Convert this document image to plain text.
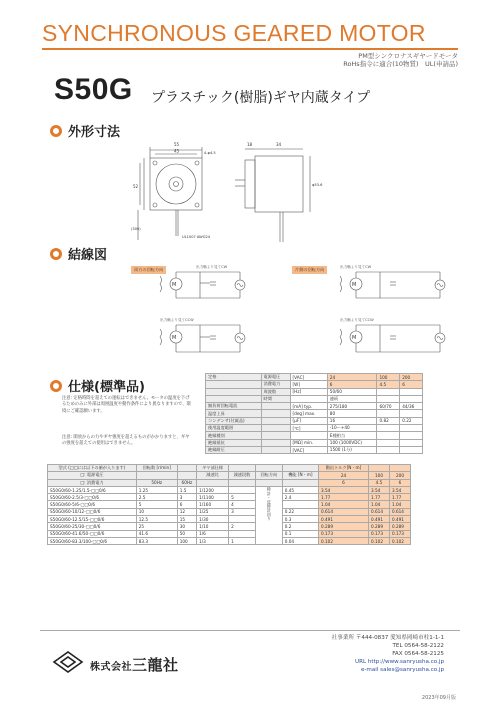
SYNCHRONOUS GEARED MOTOR
PM型シンクロナスギヤードモータ
RoHs指令に適合(10物質)　UL(申請品)
S50G プラスチック(樹脂)ギヤ内蔵タイプ
外形寸法
55
45	4-φ4.5
18	34
φ53.6
52
(300)
UL1007 AWG24
結線図
両方の回転方向	片側の回転方向
M
M
M
M
出力軸より見てCW
出力軸より見てCCW
出力軸より見てCW
出力軸より見てCCW
仕様(標準品)
注意: 定格時間を超えての運転はできません。モータの温度を下げるためのみに外部は周囲温度や動作条件により異なりますので、環境にご確認願います。
注意: 開放からの力やギヤ強度を超えるものがかかりますと、ギヤの強度を超えての使用はできません。
定格	電源電圧	[VAC]	24	100	200
	消費電力	[W]	6	4.5	6
	周波数	[Hz]	50/60		
	時間		連続		
無負荷回転電流		[mA] typ.	275/180	60/70	44/36
温度上昇		[deg] max.	80		
コンデンサ(付属品)		[μF]	16	0.82	0.22
使用温度範囲		[℃]	-10〜+40		
絶縁種別			E種相当		
絶縁抵抗		[MΩ] min.	100 (1000VDC)		
絶縁耐圧		[VAC]	1500 (1分)		
型式 (□□には以下の値が入ります)	回転数 [r/min]		ギヤ部仕様				動出トルク[N・m]		
□: 電源電圧			減速比	減速段数	回転方向	機能 [N・m]	24	100	200
□: 消費電力	50Hz	60Hz					6	4.5	6
S50G0/60-1.25/1.5-□□0/6	1.25	1.5	1/1200		時計・反時計回り	0.45	3.54	3.54	3.54
S50G0/60-2.5/3-□□0/6	2.5	3	1/1100	5		2.4	1.77	1.77	1.77
S50G0/60-5/6-□□0/6	5	6	1/160	4			1.04	1.04	1.04
S50G0/60-10/12-□□0/6	10	12	1/25	3		0.22	0.614	0.614	0.614
S50G0/60-12.5/15-□□0/6	12.5	15	1/30			0.3	0.491	0.491	0.491
S50G0/60-25/30-□□0/6	25	30	1/10	2		0.2	0.289	0.289	0.289
S50G0/60-41.6/50-□□0/6	41.6	50	1/6			0.1	0.173	0.173	0.173
S50G0/60-83.3/100-□□0/6	83.3	100	1/3	1		0.04	0.102	0.102	0.102
社事業所 〒444-0837 愛知県岡崎市柱1-1-1
TEL 0564-58-2122
FAX 0564-58-2125
URL http://www.sanryusha.co.jp
e-mail sales@sanryusha.co.jp
株式会社三龍社
2023年09月版
